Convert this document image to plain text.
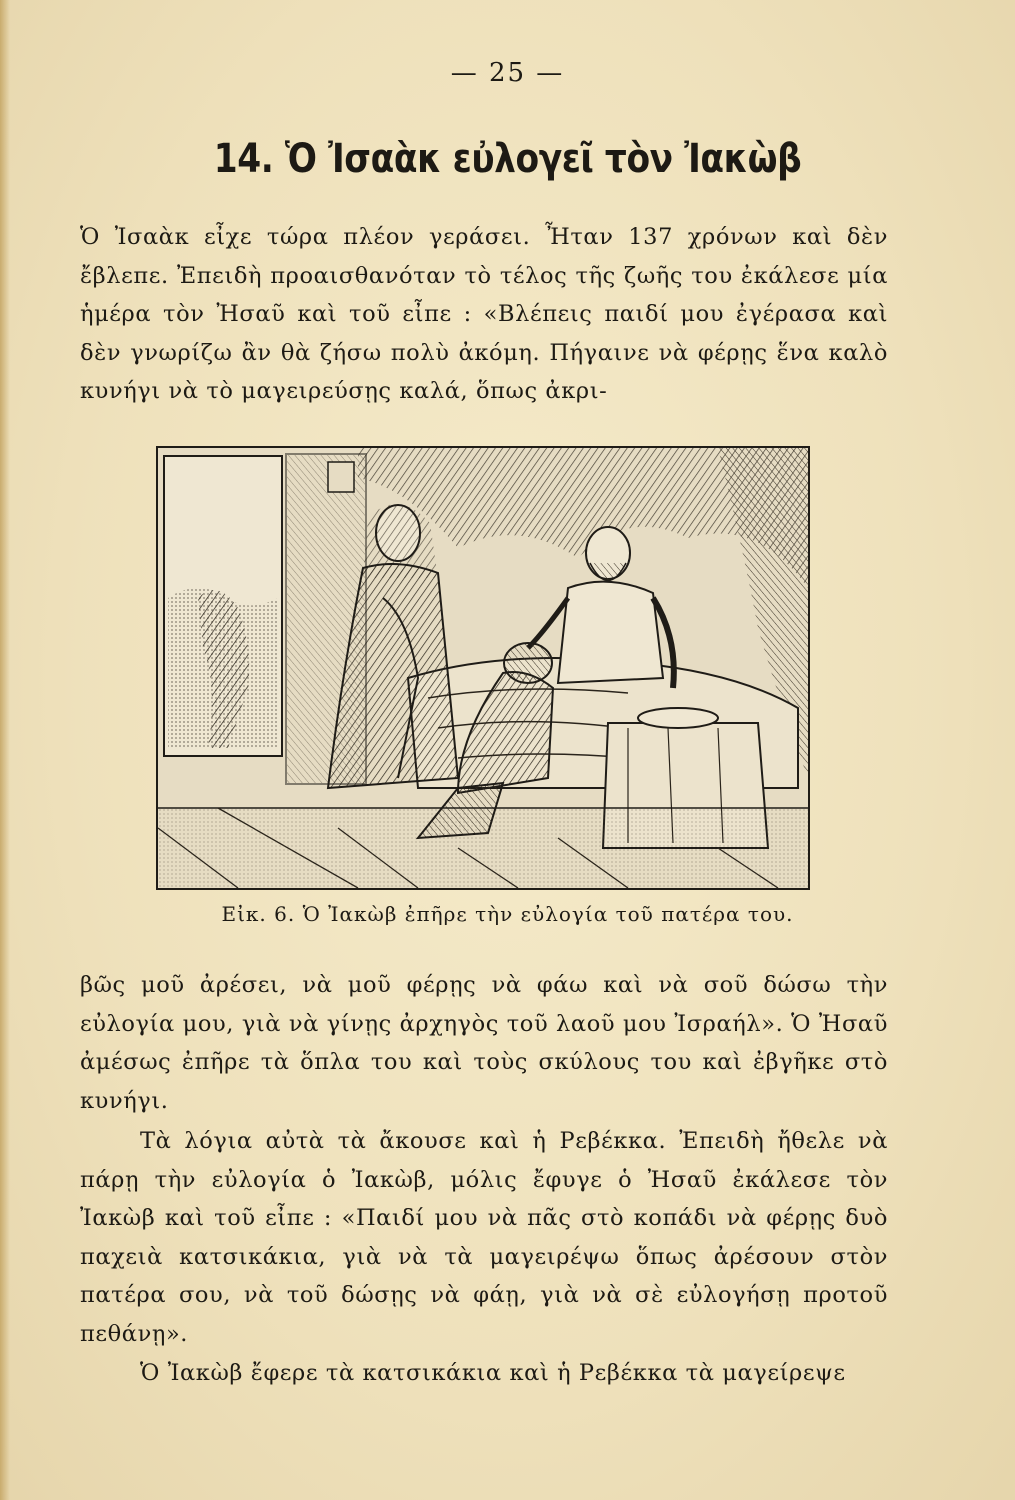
— 25 —
14. Ὁ Ἰσαὰκ εὐλογεῖ τὸν Ἰακὼβ

Ὁ Ἰσαὰκ εἶχε τώρα πλέον γεράσει. Ἦταν 137 χρόνων καὶ δὲν ἔβλεπε. Ἐπειδὴ προαισθανόταν τὸ τέλος τῆς ζωῆς του ἐκάλεσε μία ἡμέρα τὸν Ἠσαῦ καὶ τοῦ εἶπε : «Βλέπεις παιδί μου ἐγέρασα καὶ δὲν γνωρίζω ἂν θὰ ζήσω πολὺ ἀκόμη. Πήγαινε νὰ φέρῃς ἕνα καλὸ κυνήγι νὰ τὸ μαγειρεύσῃς καλά, ὅπως ἀκρι-

Εἰκ. 6. Ὁ Ἰακὼβ ἐπῆρε τὴν εὐλογία τοῦ πατέρα του.

βῶς μοῦ ἀρέσει, νὰ μοῦ φέρῃς νὰ φάω καὶ νὰ σοῦ δώσω τὴν εὐλογία μου, γιὰ νὰ γίνῃς ἀρχηγὸς τοῦ λαοῦ μου Ἰσραήλ». Ὁ Ἠσαῦ ἀμέσως ἐπῆρε τὰ ὅπλα του καὶ τοὺς σκύλους του καὶ ἐβγῆκε στὸ κυνήγι.

Τὰ λόγια αὐτὰ τὰ ἄκουσε καὶ ἡ Ρεβέκκα. Ἐπειδὴ ἤθελε νὰ πάρῃ τὴν εὐλογία ὁ Ἰακὼβ, μόλις ἔφυγε ὁ Ἠσαῦ ἐκάλεσε τὸν Ἰακὼβ καὶ τοῦ εἶπε : «Παιδί μου νὰ πᾶς στὸ κοπάδι νὰ φέρῃς δυὸ παχειὰ κατσικάκια, γιὰ νὰ τὰ μαγειρέψω ὅπως ἀρέσουν στὸν πατέρα σου, νὰ τοῦ δώσῃς νὰ φάῃ, γιὰ νὰ σὲ εὐλογήσῃ προτοῦ πεθάνῃ».

Ὁ Ἰακὼβ ἔφερε τὰ κατσικάκια καὶ ἡ Ρεβέκκα τὰ μαγείρεψε
